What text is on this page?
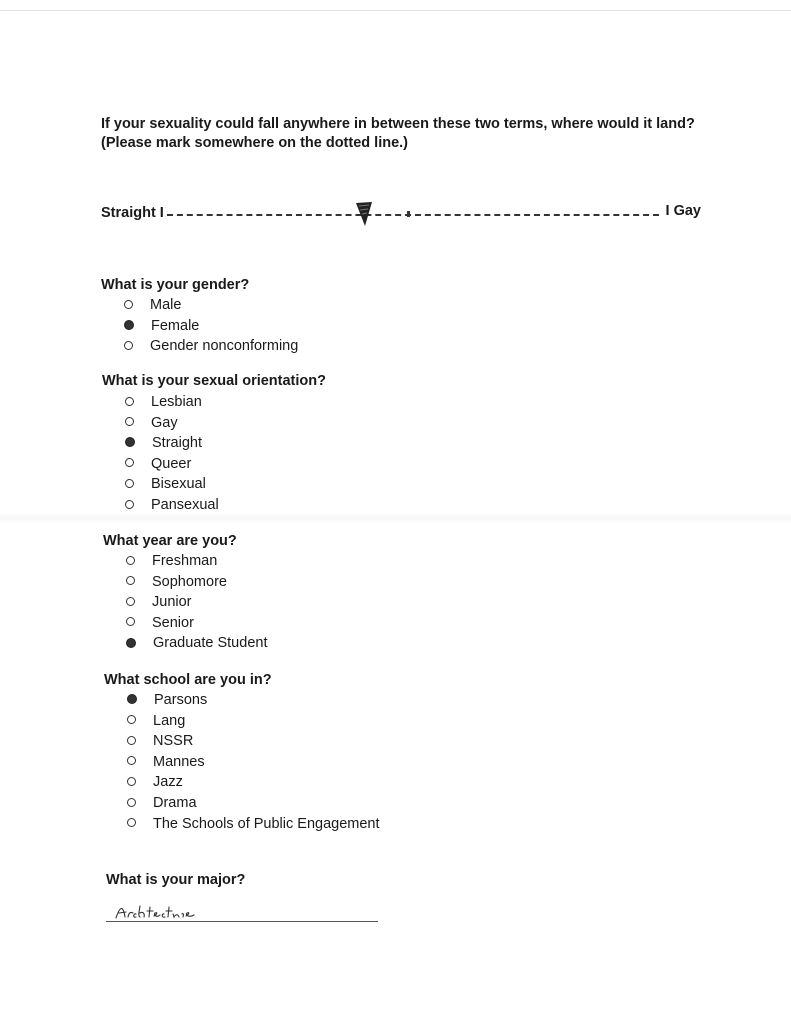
If your sexuality could fall anywhere in between these two terms, where would it land? (Please mark somewhere on the dotted line.)
Straight I	I Gay
What is your gender?
Male
Female
Gender nonconforming
What is your sexual orientation?
Lesbian
Gay
Straight
Queer
Bisexual
Pansexual
What year are you?
Freshman
Sophomore
Junior
Senior
Graduate Student
What school are you in?
Parsons
Lang
NSSR
Mannes
Jazz
Drama
The Schools of Public Engagement
What is your major?
